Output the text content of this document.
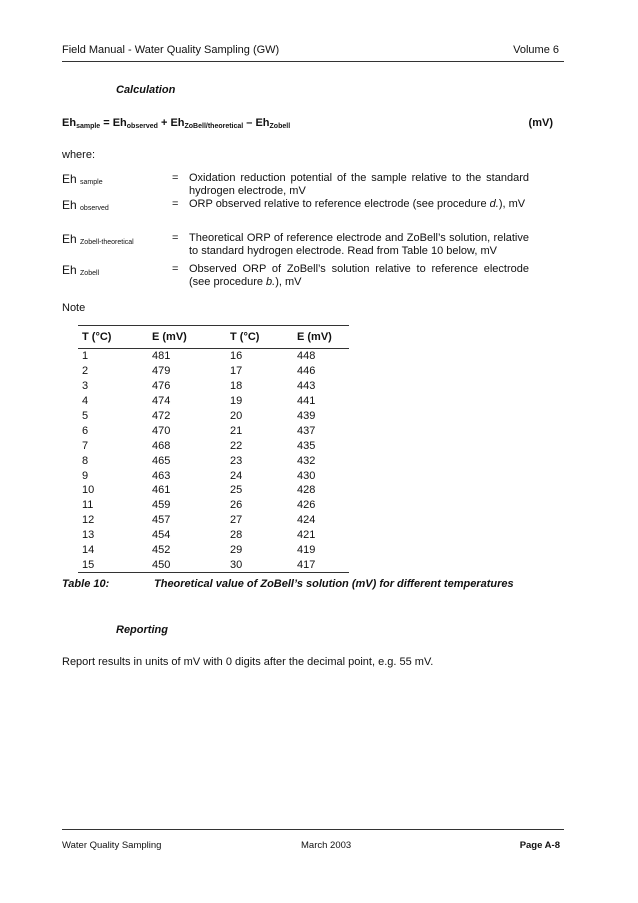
Field Manual - Water Quality Sampling (GW)	Volume 6
Calculation
$Eh_{sample} = Eh_{observed} + Eh_{ZoBell/theoretical} - Eh_{Zobell}$	(mV)
where:
Eh $_{sample}$	= Oxidation reduction potential of the sample relative to the standard hydrogen electrode, mV
Eh $_{observed}$	= ORP observed relative to reference electrode (see procedure d.), mV
Eh $_{Zobell-theoretical}$	= Theoretical ORP of reference electrode and ZoBell’s solution, relative to standard hydrogen electrode. Read from Table 10 below, mV
Eh $_{Zobell}$	= Observed ORP of ZoBell’s solution relative to reference electrode (see procedure b.), mV
Note
T (°C)	E (mV)	T (°C)	E (mV)
1	481	16	448
2	479	17	446
3	476	18	443
4	474	19	441
5	472	20	439
6	470	21	437
7	468	22	435
8	465	23	432
9	463	24	430
10	461	25	428
11	459	26	426
12	457	27	424
13	454	28	421
14	452	29	419
15	450	30	417
Table 10:	Theoretical value of ZoBell’s solution (mV) for different temperatures
Reporting
Report results in units of mV with 0 digits after the decimal point, e.g. 55 mV.
Water Quality Sampling	March 2003	Page A-8
